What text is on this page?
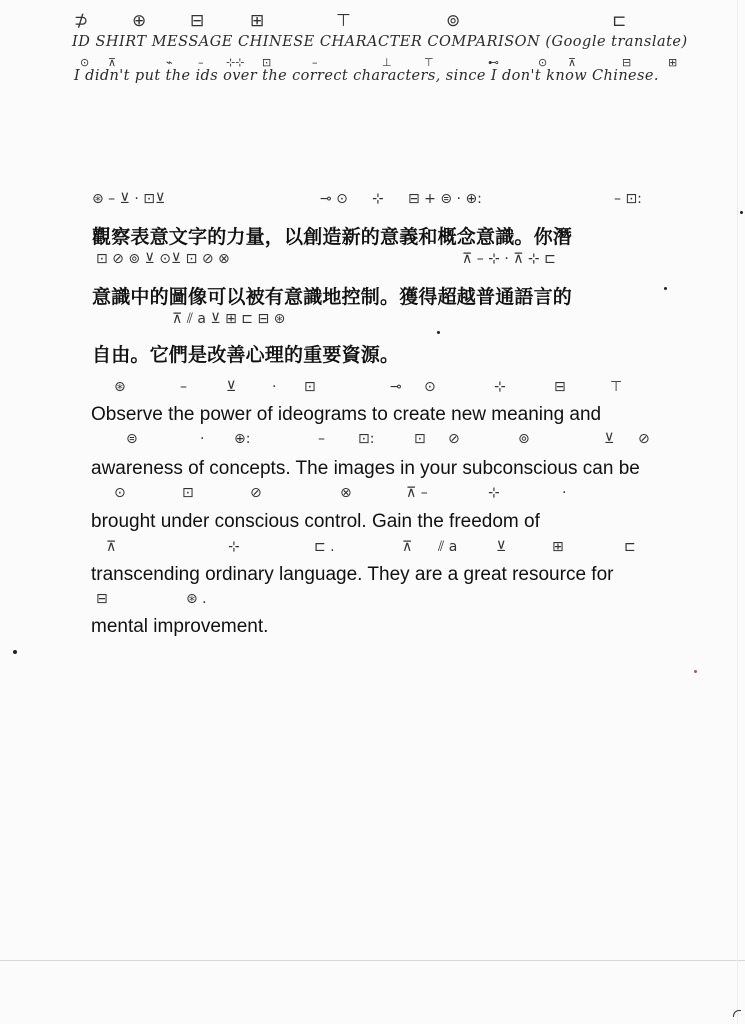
⊅	⊕	⊟	⊞	⊤	⊚	⊏
ID SHIRT MESSAGE CHINESE CHARACTER COMPARISON (Google translate)
⊙ ⊼	⌁ – ⊹⊹ ⊡	–	⊥	⊤	⊷	⊙ ⊼	⊟	⊞
I didn't put the ids over the correct characters, since I don't know Chinese.
⊛ – ⊻ · ⊡⊻	⊸ ⊙ ⊹ ⊟ + ⊜ · ⊕:	– ⊡:
觀察表意文字的力量，以創造新的意義和概念意識。你潛
⊡ ⊘ ⊚ ⊻ ⊙⊻ ⊡ ⊘ ⊗	⊼ – ⊹ · ⊼ ⊹ ⊏
意識中的圖像可以被有意識地控制。獲得超越普通語言的
⊼ ⫽ a ⊻ ⊞ ⊏ ⊟ ⊛
自由。它們是改善心理的重要資源。
⊛	–	⊻	· ⊡	⊸ ⊙	⊹	⊟	⊤
Observe the power of ideograms to create new meaning and
⊜	· ⊕:	– ⊡:	⊡ ⊘	⊚	⊻ ⊘
awareness of concepts. The images in your subconscious can be
⊙	⊡	⊘	⊗	⊼ –	⊹	·
brought under conscious control. Gain the freedom of
⊼	⊹	⊏ .	⊼ ⫽ a	⊻	⊞	⊏
transcending ordinary language. They are a great resource for
⊟	⊛ .
mental improvement.
